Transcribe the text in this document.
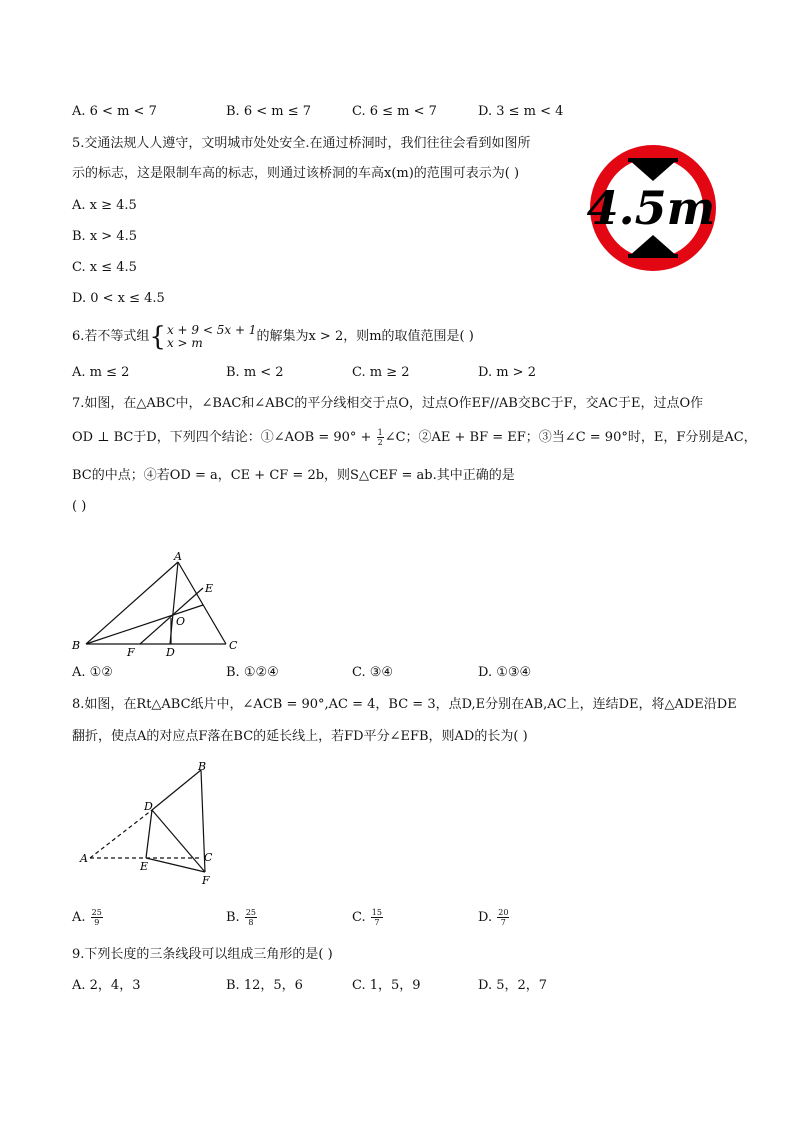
A. 6 < m < 7	B. 6 < m ≤ 7	C. 6 ≤ m < 7	D. 3 ≤ m < 4
5.交通法规人人遵守，文明城市处处安全.在通过桥洞时，我们往往会看到如图所
示的标志，这是限制车高的标志，则通过该桥洞的车高x(m)的范围可表示为( )
A. x ≥ 4.5
B. x > 4.5
C. x ≤ 4.5
D. 0 < x ≤ 4.5
4.5m
6.若不等式组{ x + 9 < 5x + 1
x > m	的解集为x > 2，则m的取值范围是( )
A. m ≤ 2	B. m < 2	C. m ≥ 2	D. m > 2
7.如图，在△ABC中，∠BAC和∠ABC的平分线相交于点O，过点O作EF//AB交BC于F，交AC于E，过点O作
OD ⊥ BC于D，下列四个结论：①∠AOB = $90^\circ + \frac{1}{2}$ ∠C；②AE + BF = EF；③当∠C = 90°时，E，F分别是AC，
BC的中点；④若OD = a，CE + CF = 2b，则S△CEF = ab.其中正确的是
( )
A
B	C
D
E
F
O
A. ①②	B. ①②④	C. ③④	D. ①③④
8.如图，在Rt△ABC纸片中，∠ACB = 90°,AC = 4，BC = 3，点D,E分别在AB,AC上，连结DE，将△ADE沿DE
翻折，使点A的对应点F落在BC的延长线上，若FD平分∠EFB，则AD的长为( )
A
B
C
D
E
F
A. $\frac{25}{9}$	B. $\frac{25}{8}$	C. $\frac{15}{7}$	D. $\frac{20}{7}$
9.下列长度的三条线段可以组成三角形的是( )
A. 2，4，3	B. 12，5，6	C. 1，5，9	D. 5，2，7
